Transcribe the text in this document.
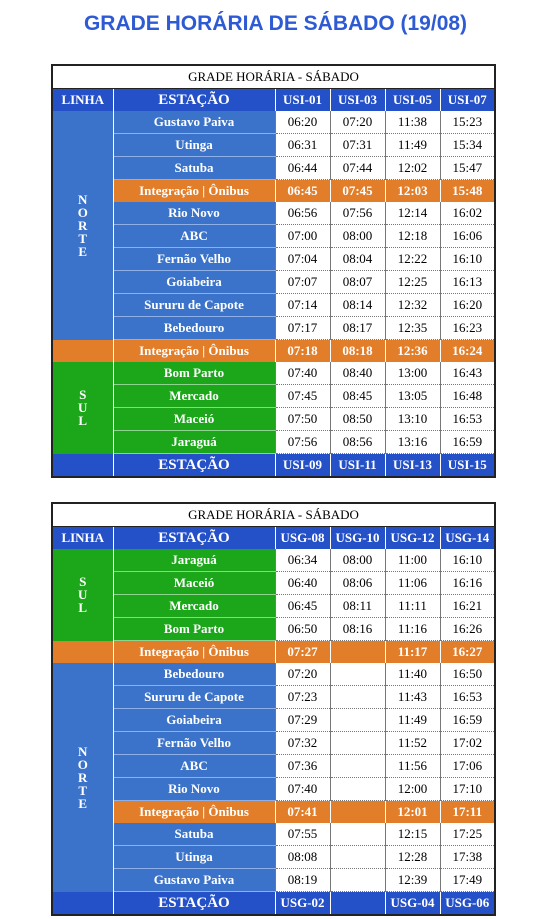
GRADE HORÁRIA DE SÁBADO (19/08)
GRADE HORÁRIA - SÁBADO					
LINHA	ESTAÇÃO	USI-01	USI-03	USI-05	USI-07
N
O
R
T
E	Gustavo Paiva	06:20	07:20	11:38	15:23
	Utinga	06:31	07:31	11:49	15:34
	Satuba	06:44	07:44	12:02	15:47
	Integração | Ônibus	06:45	07:45	12:03	15:48
	Rio Novo	06:56	07:56	12:14	16:02
	ABC	07:00	08:00	12:18	16:06
	Fernão Velho	07:04	08:04	12:22	16:10
	Goiabeira	07:07	08:07	12:25	16:13
	Sururu de Capote	07:14	08:14	12:32	16:20
	Bebedouro	07:17	08:17	12:35	16:23
	Integração | Ônibus	07:18	08:18	12:36	16:24
S
U
L	Bom Parto	07:40	08:40	13:00	16:43
	Mercado	07:45	08:45	13:05	16:48
	Maceió	07:50	08:50	13:10	16:53
	Jaraguá	07:56	08:56	13:16	16:59
	ESTAÇÃO	USI-09	USI-11	USI-13	USI-15
GRADE HORÁRIA - SÁBADO					
LINHA	ESTAÇÃO	USG-08	USG-10	USG-12	USG-14
S
U
L	Jaraguá	06:34	08:00	11:00	16:10
	Maceió	06:40	08:06	11:06	16:16
	Mercado	06:45	08:11	11:11	16:21
	Bom Parto	06:50	08:16	11:16	16:26
	Integração | Ônibus	07:27		11:17	16:27
N
O
R
T
E	Bebedouro	07:20		11:40	16:50
	Sururu de Capote	07:23		11:43	16:53
	Goiabeira	07:29		11:49	16:59
	Fernão Velho	07:32		11:52	17:02
	ABC	07:36		11:56	17:06
	Rio Novo	07:40		12:00	17:10
	Integração | Ônibus	07:41		12:01	17:11
	Satuba	07:55		12:15	17:25
	Utinga	08:08		12:28	17:38
	Gustavo Paiva	08:19		12:39	17:49
	ESTAÇÃO	USG-02		USG-04	USG-06
